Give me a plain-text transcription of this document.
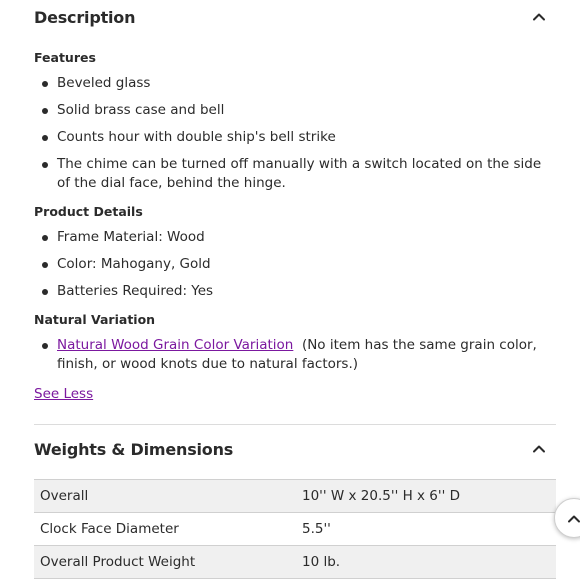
Description

Features

Beveled glass
Solid brass case and bell
Counts hour with double ship's bell strike
The chime can be turned off manually with a switch located on the side of the dial face, behind the hinge.

Product Details

Frame Material: Wood
Color: Mahogany, Gold
Batteries Required: Yes

Natural Variation

Natural Wood Grain Color Variation (No item has the same grain color, finish, or wood knots due to natural factors.)
See Less
Weights & Dimensions
Overall	10'' W x 20.5'' H x 6'' D
Clock Face Diameter	5.5''
Overall Product Weight	10 lb.
